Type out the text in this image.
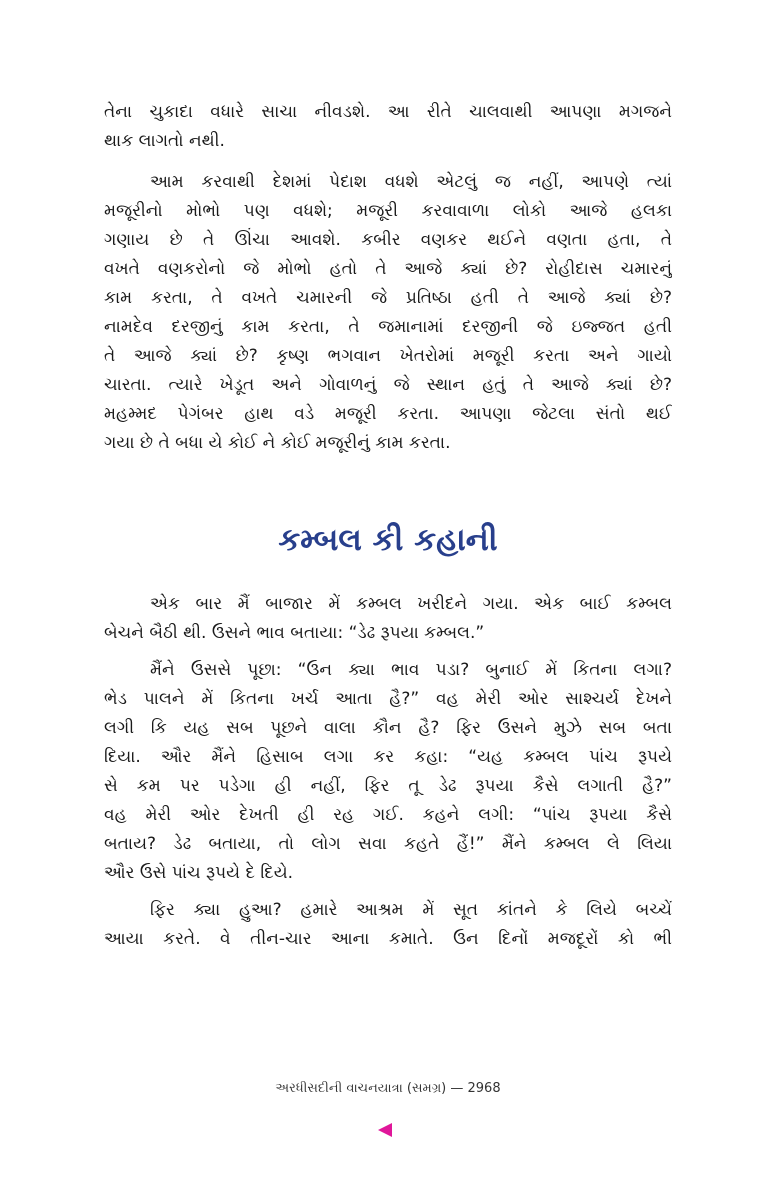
તેના ચુકાદા વધારે સાચા નીવડશે. આ રીતે ચાલવાથી આપણા મગજને
થાક લાગતો નથી.
આમ કરવાથી દેશમાં પેદાશ વધશે એટલું જ નહીં, આપણે ત્યાં
મજૂરીનો મોભો પણ વધશે; મજૂરી કરવાવાળા લોકો આજે હલકા
ગણાય છે તે ઊંચા આવશે. કબીર વણકર થઈને વણતા હતા, તે
વખતે વણકરોનો જે મોભો હતો તે આજે ક્યાં છે? રોહીદાસ ચમારનું
કામ કરતા, તે વખતે ચમારની જે પ્રતિષ્ઠા હતી તે આજે ક્યાં છે?
નામદેવ દરજીનું કામ કરતા, તે જમાનામાં દરજીની જે ઇજ્જત હતી
તે આજે ક્યાં છે? કૃષ્ણ ભગવાન ખેતરોમાં મજૂરી કરતા અને ગાયો
ચારતા. ત્યારે ખેડૂત અને ગોવાળનું જે સ્થાન હતું તે આજે ક્યાં છે?
મહમ્મદ પેગંબર હાથ વડે મજૂરી કરતા. આપણા જેટલા સંતો થઈ
ગયા છે તે બધા યે કોઈ ને કોઈ મજૂરીનું કામ કરતા.
કમ્બલ કી કહાની
એક બાર મૈં બાજાર મેં કમ્બલ ખરીદને ગયા. એક બાઈ કમ્બલ
બેચને બૈઠી થી. ઉસને ભાવ બતાયા: “ડેઢ રૂપયા કમ્બલ.”
મૈંને ઉસસે પૂછા: “ઉન ક્યા ભાવ પડા? બુનાઈ મેં કિતના લગા?
ભેડ પાલને મેં કિતના ખર્ચ આતા હૈ?” વહ મેરી ઓર સાશ્ચર્ય દેખને
લગી કિ યહ સબ પૂછને વાલા કૌન હૈ? ફિર ઉસને મુઝે સબ બતા
દિયા. ઔર મૈંને હિસાબ લગા કર કહા: “યહ કમ્બલ પાંચ રૂપયે
સે કમ પર પડેગા હી નહીં, ફિર તૂ ડેઢ રૂપયા કૈસે લગાતી હૈ?”
વહ મેરી ઓર દેખતી હી રહ ગઈ. કહને લગી: “પાંચ રૂપયા કૈસે
બતાય? ડેઢ બતાયા, તો લોગ સવા કહતે હૈં!” મૈંને કમ્બલ લે લિયા
ઔર ઉસે પાંચ રૂપયે દે દિયે.
ફિર ક્યા હુઆ? હમારે આશ્રમ મેં સૂત કાંતને કે લિયે બચ્ચેં
આયા કરતે. વે તીન-ચાર આના કમાતે. ઉન દિનોં મજદૂરોં કો ભી
અરધીસદીની વાચનયાત્રા (સમગ્ર) — 2968
